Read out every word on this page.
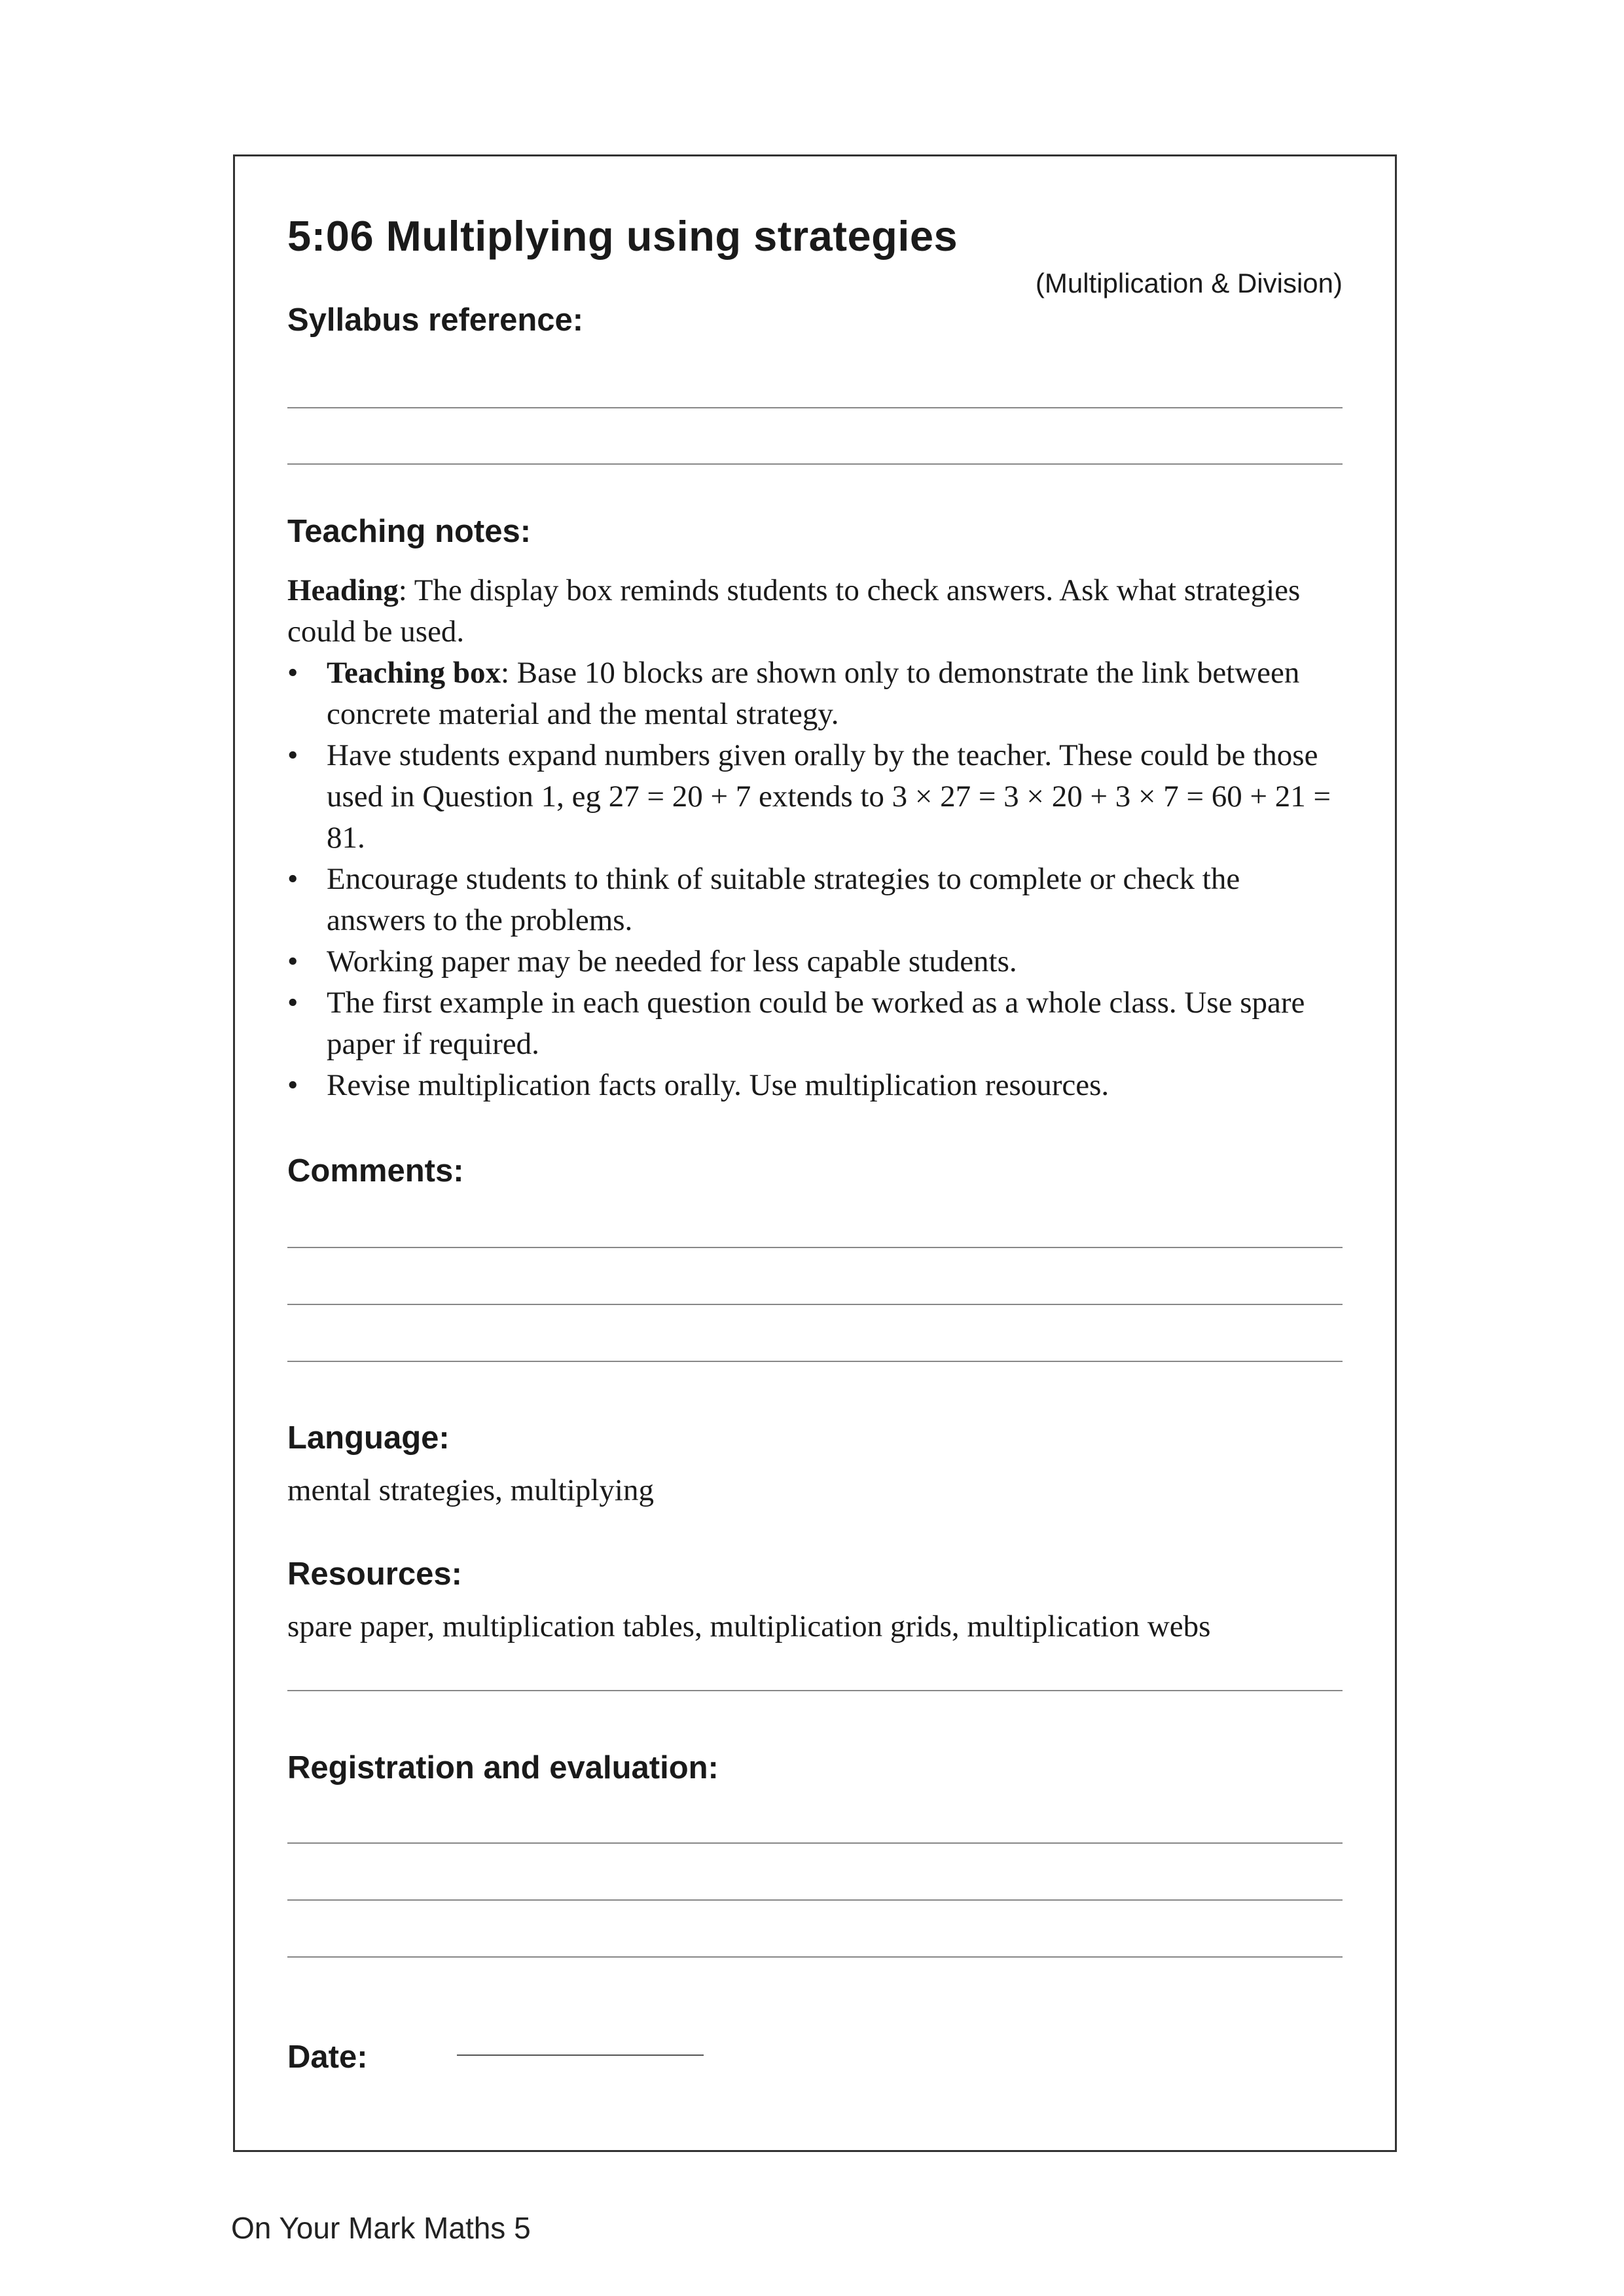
5:06 Multiplying using strategies
(Multiplication & Division)
Syllabus reference:
Teaching notes:

Heading: The display box reminds students to check answers. Ask what strategies could be used.

• Teaching box: Base 10 blocks are shown only to demonstrate the link between concrete material and the mental strategy.
• Have students expand numbers given orally by the teacher. These could be those used in Question 1, eg 27 = 20 + 7 extends to 3 × 27 = 3 × 20 + 3 × 7 = 60 + 21 = 81.
• Encourage students to think of suitable strategies to complete or check the answers to the problems.
• Working paper may be needed for less capable students.
• The first example in each question could be worked as a whole class. Use spare paper if required.
• Revise multiplication facts orally. Use multiplication resources.
Comments:
Language:
mental strategies, multiplying
Resources:
spare paper, multiplication tables, multiplication grids, multiplication webs
Registration and evaluation:
Date:
On Your Mark Maths 5
